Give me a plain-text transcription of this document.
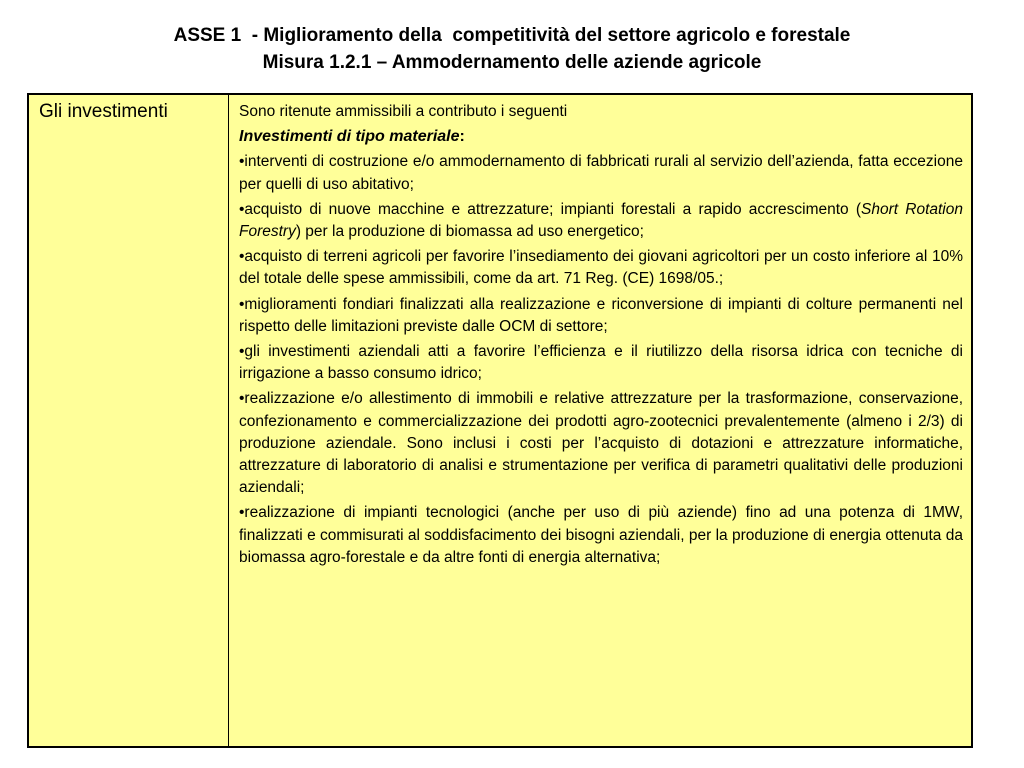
ASSE 1  - Miglioramento della  competitività del settore agricolo e forestale
Misura 1.2.1 – Ammodernamento delle aziende agricole
Gli investimenti	Sono ritenute ammissibili a contributo i seguenti

Investimenti di tipo materiale:

•interventi di costruzione e/o ammodernamento di fabbricati rurali al servizio dell’azienda, fatta eccezione per quelli di uso abitativo;

•acquisto di nuove macchine e attrezzature; impianti forestali a rapido accrescimento (Short Rotation Forestry) per la produzione di biomassa ad uso energetico;

•acquisto di terreni agricoli per favorire l’insediamento dei giovani agricoltori per un costo inferiore al 10% del totale delle spese ammissibili, come da art. 71 Reg. (CE) 1698/05.;

•miglioramenti fondiari finalizzati alla realizzazione e riconversione di impianti di colture permanenti nel rispetto delle limitazioni previste dalle OCM di settore;

•gli investimenti aziendali atti a favorire l’efficienza e il riutilizzo della risorsa idrica con tecniche di irrigazione a basso consumo idrico;

•realizzazione e/o allestimento di immobili e relative attrezzature per la trasformazione, conservazione, confezionamento e commercializzazione dei prodotti agro-zootecnici prevalentemente (almeno i 2/3) di produzione aziendale. Sono inclusi i costi per l’acquisto di dotazioni e attrezzature informatiche, attrezzature di laboratorio di analisi e strumentazione per verifica di parametri qualitativi delle produzioni aziendali;

•realizzazione di impianti tecnologici (anche per uso di più aziende) fino ad una potenza di 1MW, finalizzati e commisurati al soddisfacimento dei bisogni aziendali, per la produzione di energia ottenuta da biomassa agro-forestale e da altre fonti di energia alternativa;
